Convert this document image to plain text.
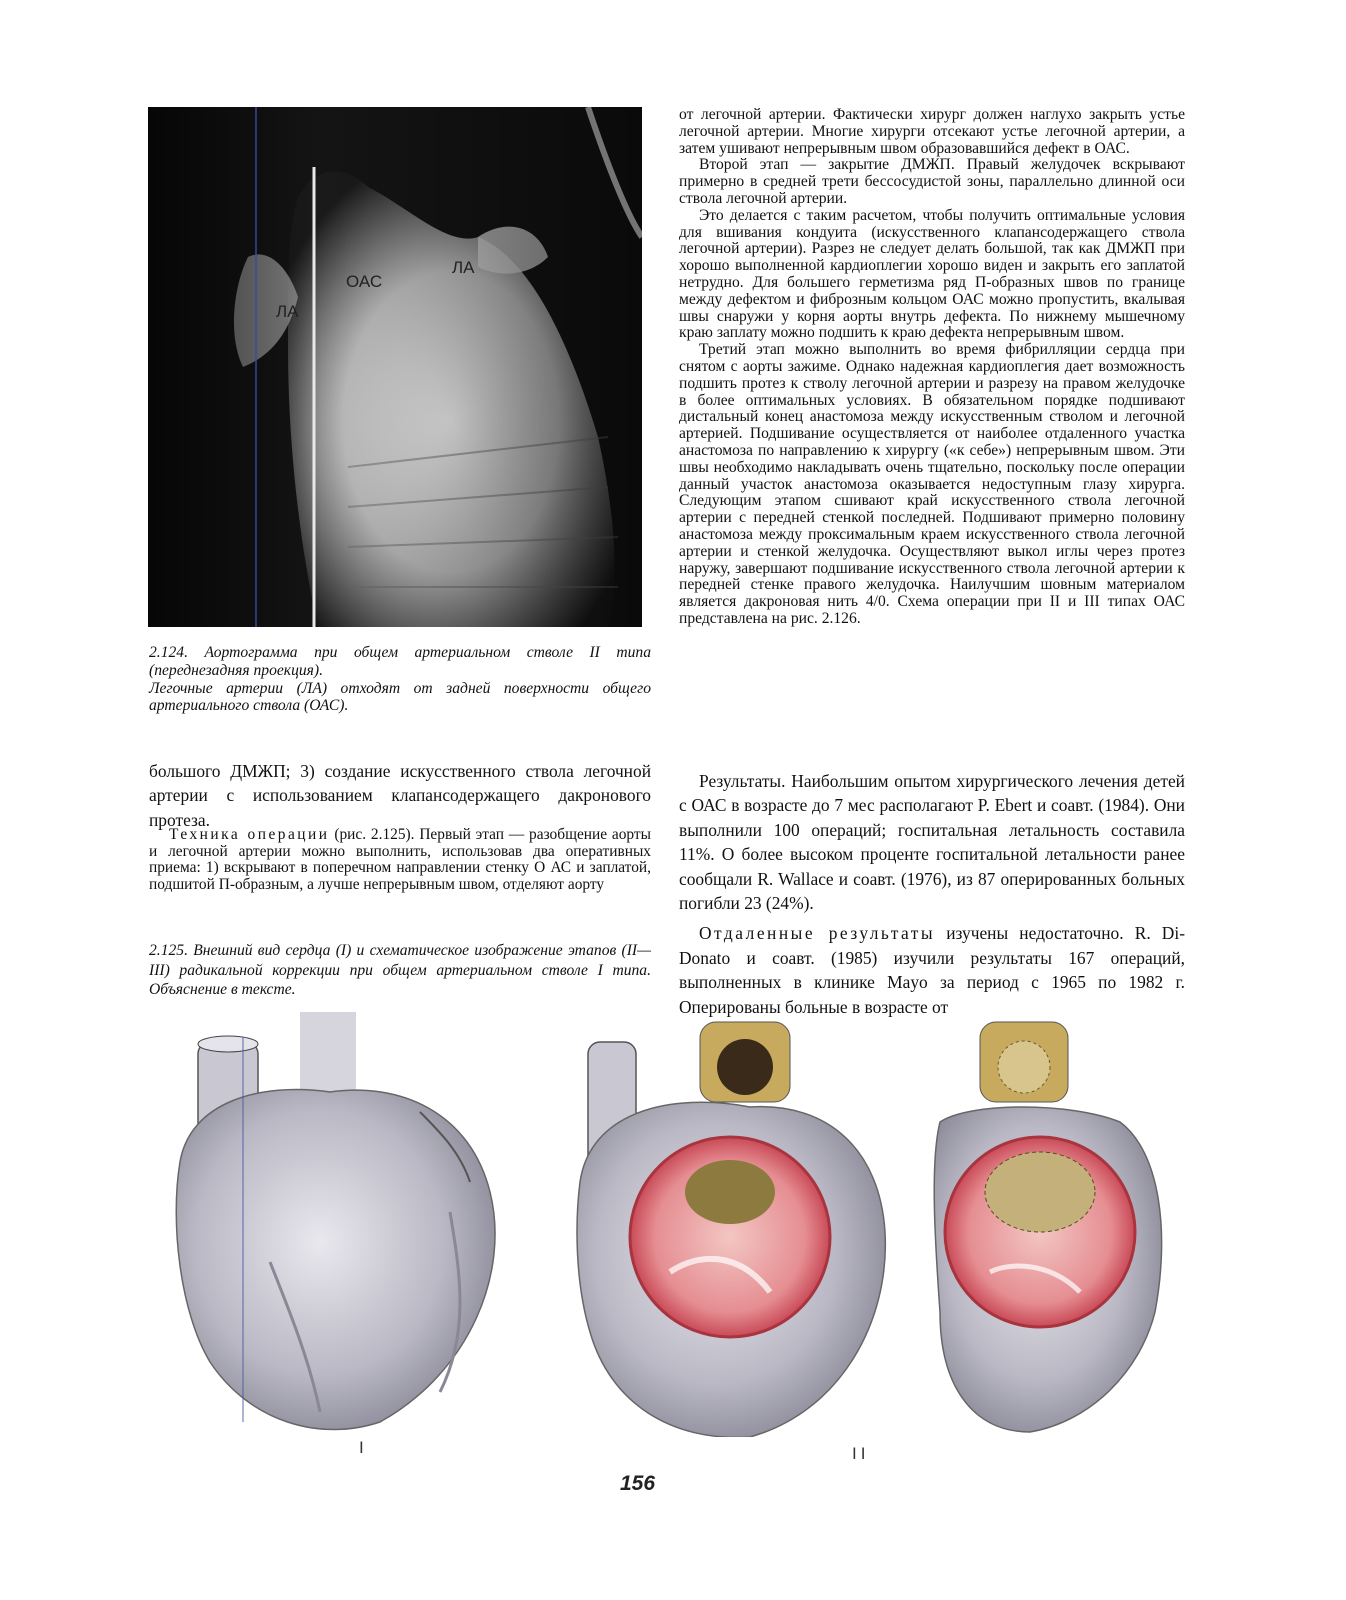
ЛА
ОАС
ЛА

2.124. Аортограмма при общем артериальном стволе II типа (переднезадняя проекция).

Легочные артерии (ЛА) отходят от задней поверхности общего артериального ствола (ОАС).

от легочной артерии. Фактически хирург должен наглухо закрыть устье легочной артерии. Многие хирурги отсекают устье легочной артерии, а затем ушивают непрерывным швом образовавшийся дефект в ОАС.

Второй этап — закрытие ДМЖП. Правый желудочек вскрывают примерно в средней трети бессосудистой зоны, параллельно длинной оси ствола легочной артерии.

Это делается с таким расчетом, чтобы получить оптимальные условия для вшивания кондуита (искусственного клапансодержащего ствола легочной артерии). Разрез не следует делать большой, так как ДМЖП при хорошо выполненной кардиоплегии хорошо виден и закрыть его заплатой нетрудно. Для большего герметизма ряд П-образных швов по границе между дефектом и фиброзным кольцом ОАС можно пропустить, вкалывая швы снаружи у корня аорты внутрь дефекта. По нижнему мышечному краю заплату можно подшить к краю дефекта непрерывным швом.

Третий этап можно выполнить во время фибрилляции сердца при снятом с аорты зажиме. Однако надежная кардиоплегия дает возможность подшить протез к стволу легочной артерии и разрезу на правом желудочке в более оптимальных условиях. В обязательном порядке подшивают дистальный конец анастомоза между искусственным стволом и легочной артерией. Подшивание осуществляется от наиболее отдаленного участка анастомоза по направлению к хирургу («к себе») непрерывным швом. Эти швы необходимо накладывать очень тщательно, поскольку после операции данный участок анастомоза оказывается недоступным глазу хирурга. Следующим этапом сшивают край искусственного ствола легочной артерии с передней стенкой последней. Подшивают примерно половину анастомоза между проксимальным краем искусственного ствола легочной артерии и стенкой желудочка. Осуществляют выкол иглы через протез наружу, завершают подшивание искусственного ствола легочной артерии к передней стенке правого желудочка. Наилучшим шовным материалом является дакроновая нить 4/0. Схема операции при II и III типах ОАС представлена на рис. 2.126.

большого ДМЖП; 3) создание искусственного ствола легочной артерии с использованием клапансодержащего дакронового протеза.

Техника операции (рис. 2.125). Первый этап — разобщение аорты и легочной артерии можно выполнить, использовав два оперативных приема: 1) вскрывают в поперечном направлении стенку О АС и заплатой, подшитой П-образным, а лучше непрерывным швом, отделяют аорту

2.125. Внешний вид сердца (I) и схематическое изображение этапов (II—III) радикальной коррекции при общем артериальном стволе I типа. Объяснение в тексте.

Результаты. Наибольшим опытом хирургического лечения детей с ОАС в возрасте до 7 мес располагают P. Ebert и соавт. (1984). Они выполнили 100 операций; госпитальная летальность составила 11%. О более высоком проценте госпитальной летальности ранее сообщали R. Wallace и соавт. (1976), из 87 оперированных больных погибли 23 (24%).

Отдаленные результаты изучены недостаточно. R. Di-Donato и соавт. (1985) изучили результаты 167 операций, выполненных в клинике Mayo за период с 1965 по 1982 г. Оперированы больные в возрасте от

I	II
156
